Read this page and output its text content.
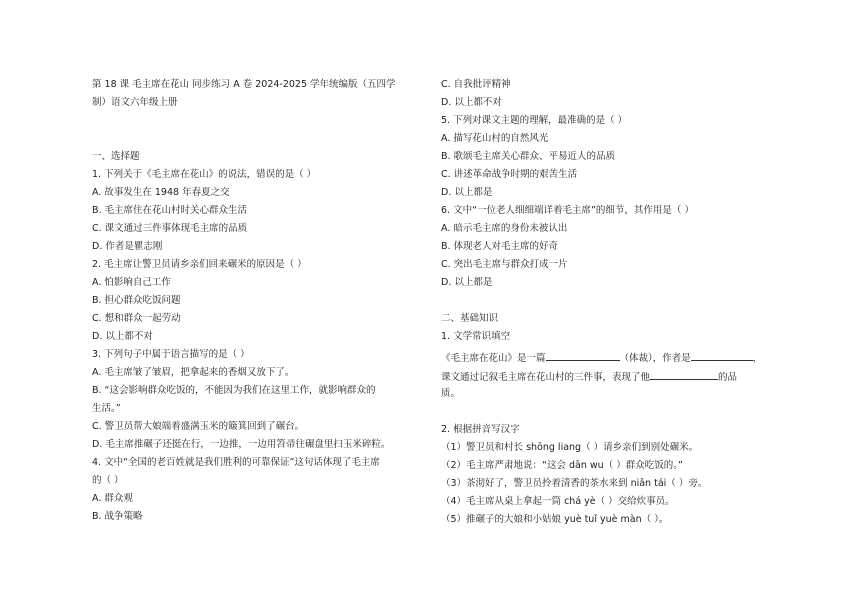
第 18 课 毛主席在花山 同步练习 A 卷 2024-2025 学年统编版（五四学
制）语文六年级上册
一、选择题
1. 下列关于《毛主席在花山》的说法，错误的是（ ）
A. 故事发生在 1948 年春夏之交
B. 毛主席住在花山村时关心群众生活
C. 课文通过三件事体现毛主席的品质
D. 作者是瞿志刚
2. 毛主席让警卫员请乡亲们回来碾米的原因是（ ）
A. 怕影响自己工作
B. 担心群众吃饭问题
C. 想和群众一起劳动
D. 以上都不对
3. 下列句子中属于语言描写的是（ ）
A. 毛主席皱了皱眉，把拿起来的香烟又放下了。
B. “这会影响群众吃饭的，不能因为我们在这里工作，就影响群众的
生活。”
C. 警卫员帮大娘端着盛满玉米的簸箕回到了碾台。
D. 毛主席推碾子还挺在行，一边推，一边用笤帚往碾盘里扫玉米碎粒。
4. 文中“全国的老百姓就是我们胜利的可靠保证”这句话体现了毛主席
的（ ）
A. 群众观
B. 战争策略
C. 自我批评精神
D. 以上都不对
5. 下列对课文主题的理解，最准确的是（ ）
A. 描写花山村的自然风光
B. 歌颂毛主席关心群众、平易近人的品质
C. 讲述革命战争时期的艰苦生活
D. 以上都是
6. 文中“一位老人细细端详着毛主席”的细节，其作用是（ ）
A. 暗示毛主席的身份未被认出
B. 体现老人对毛主席的好奇
C. 突出毛主席与群众打成一片
D. 以上都是
二、基础知识
1. 文学常识填空
《毛主席在花山》是一篇	（体裁），作者是	，
课文通过记叙毛主席在花山村的三件事，表现了他	的品
质。
2. 根据拼音写汉字
（1）警卫员和村长 shōng liang（ ）请乡亲们到别处碾米。
（2）毛主席严肃地说：“这会 dān wu（ ）群众吃饭的。”
（3）茶沏好了，警卫员拎着清香的茶水来到 niǎn tái（ ）旁。
（4）毛主席从桌上拿起一筒 chá yè（ ）交给炊事员。
（5）推碾子的大娘和小姑娘 yuè tuǐ yuè màn（ ）。
